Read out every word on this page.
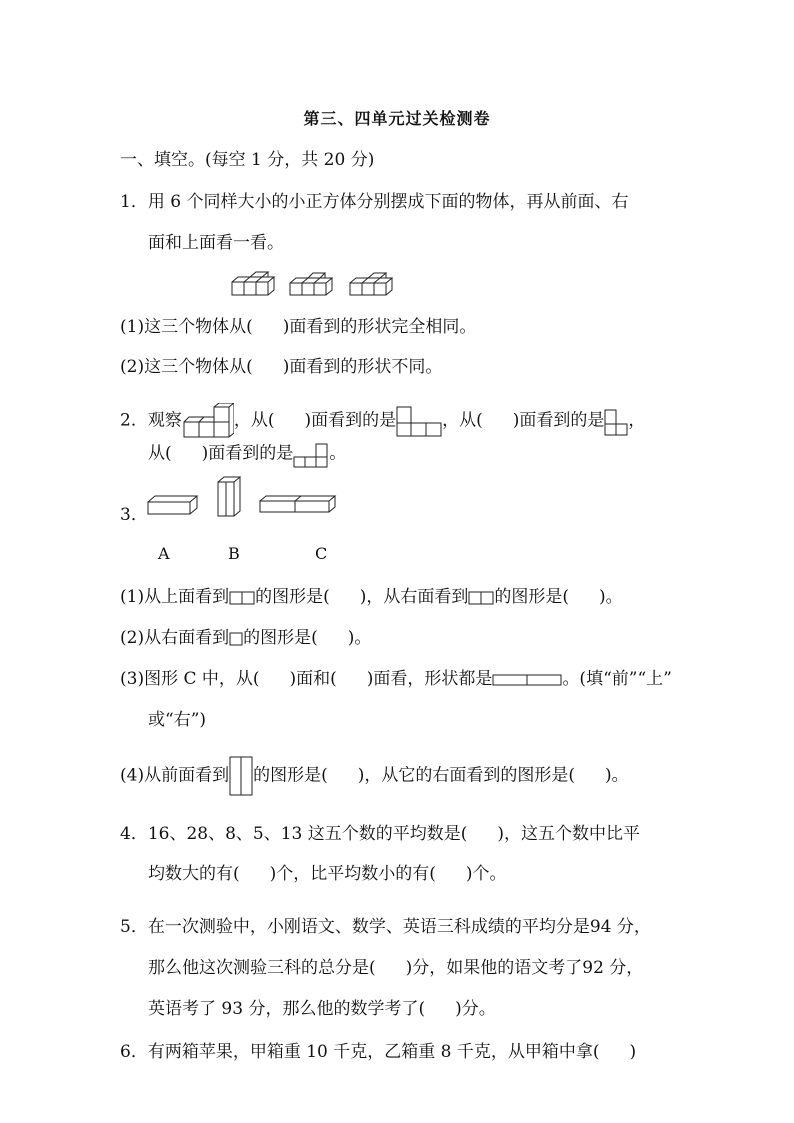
第三、四单元过关检测卷
一、填空。(每空 1 分，共 20 分)
1．用 6 个同样大小的小正方体分别摆成下面的物体，再从前面、右
面和上面看一看。
(1)这三个物体从( )面看到的形状完全相同。
(2)这三个物体从( )面看到的形状不同。
2．观察	，从( )面看到的是	，从( )面看到的是 ，
从( )面看到的是 。
3．
A	B	C
(1)从上面看到 的图形是( )，从右面看到 的图形是( )。
(2)从右面看到 的图形是( )。
(3)图形 C 中，从( )面和( )面看，形状都是	。(填“前”“上”
或“右”)
(4)从前面看到 的图形是( )，从它的右面看到的图形是( )。
4．16、28、8、5、13 这五个数的平均数是( )，这五个数中比平
均数大的有( )个，比平均数小的有( )个。
5．在一次测验中，小刚语文、数学、英语三科成绩的平均分是94 分，
那么他这次测验三科的总分是( )分，如果他的语文考了92 分，
英语考了 93 分，那么他的数学考了( )分。
6．有两箱苹果，甲箱重 10 千克，乙箱重 8 千克，从甲箱中拿( )
